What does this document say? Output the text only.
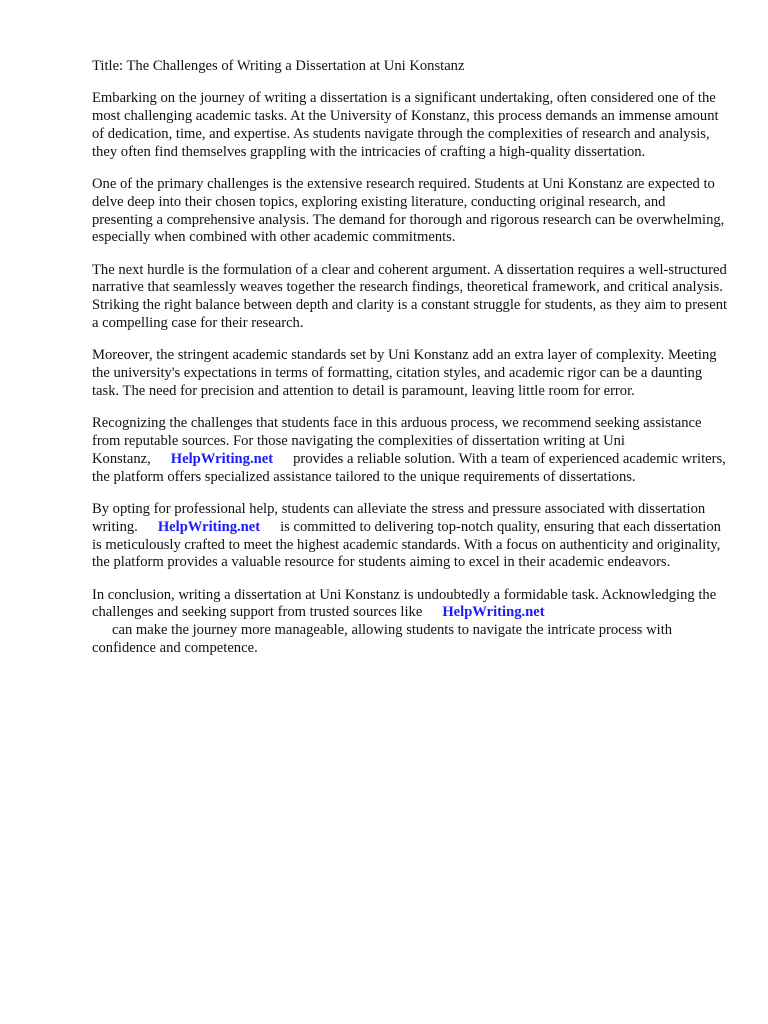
Title: The Challenges of Writing a Dissertation at Uni Konstanz

Embarking on the journey of writing a dissertation is a significant undertaking, often considered one of the most challenging academic tasks. At the University of Konstanz, this process demands an immense amount of dedication, time, and expertise. As students navigate through the complexities of research and analysis, they often find themselves grappling with the intricacies of crafting a high-quality dissertation.

One of the primary challenges is the extensive research required. Students at Uni Konstanz are expected to delve deep into their chosen topics, exploring existing literature, conducting original research, and presenting a comprehensive analysis. The demand for thorough and rigorous research can be overwhelming, especially when combined with other academic commitments.

The next hurdle is the formulation of a clear and coherent argument. A dissertation requires a well-structured narrative that seamlessly weaves together the research findings, theoretical framework, and critical analysis. Striking the right balance between depth and clarity is a constant struggle for students, as they aim to present a compelling case for their research.

Moreover, the stringent academic standards set by Uni Konstanz add an extra layer of complexity. Meeting the university's expectations in terms of formatting, citation styles, and academic rigor can be a daunting task. The need for precision and attention to detail is paramount, leaving little room for error.

Recognizing the challenges that students face in this arduous process, we recommend seeking assistance from reputable sources. For those navigating the complexities of dissertation writing at Uni Konstanz, HelpWriting.net provides a reliable solution. With a team of experienced academic writers, the platform offers specialized assistance tailored to the unique requirements of dissertations.

By opting for professional help, students can alleviate the stress and pressure associated with dissertation writing. HelpWriting.net is committed to delivering top-notch quality, ensuring that each dissertation is meticulously crafted to meet the highest academic standards. With a focus on authenticity and originality, the platform provides a valuable resource for students aiming to excel in their academic endeavors.

In conclusion, writing a dissertation at Uni Konstanz is undoubtedly a formidable task. Acknowledging the challenges and seeking support from trusted sources like HelpWriting.net
can make the journey more manageable, allowing students to navigate the intricate process with confidence and competence.
